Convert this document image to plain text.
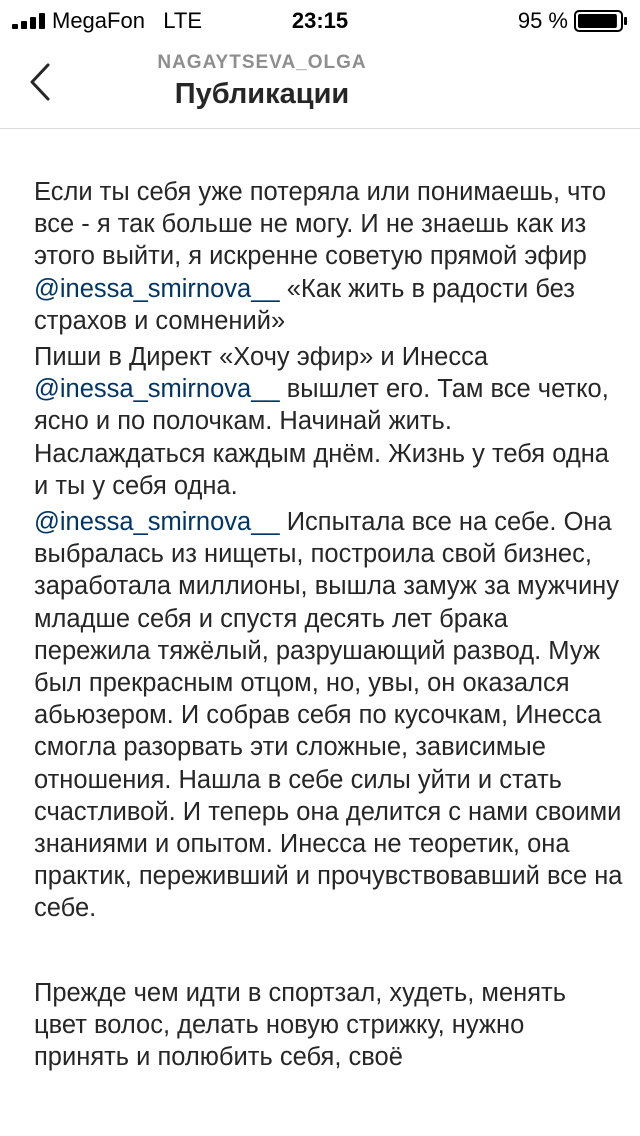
MegaFon LTE	23:15	95 %
NAGAYTSEVA_OLGA
Публикации

Если ты себя уже потеряла или понимаешь, что все - я так больше не могу. И не знаешь как из этого выйти, я искренне советую прямой эфир @inessa_smirnova__ «Как жить в радости без страхов и сомнений»

Пиши в Директ «Хочу эфир» и Инесса @inessa_smirnova__ вышлет его. Там все четко, ясно и по полочкам. Начинай жить. Наслаждаться каждым днём. Жизнь у тебя одна и ты у себя одна.

@inessa_smirnova__ Испытала все на себе. Она выбралась из нищеты, построила свой бизнес, заработала миллионы, вышла замуж за мужчину младше себя и спустя десять лет брака пережила тяжёлый, разрушающий развод. Муж был прекрасным отцом, но, увы, он оказался абьюзером. И собрав себя по кусочкам, Инесса смогла разорвать эти сложные, зависимые отношения. Нашла в себе силы уйти и стать счастливой. И теперь она делится с нами своими знаниями и опытом. Инесса не теоретик, она практик, переживший и прочувствовавший все на себе.

Прежде чем идти в спортзал, худеть, менять цвет волос, делать новую стрижку, нужно принять и полюбить себя, своё
